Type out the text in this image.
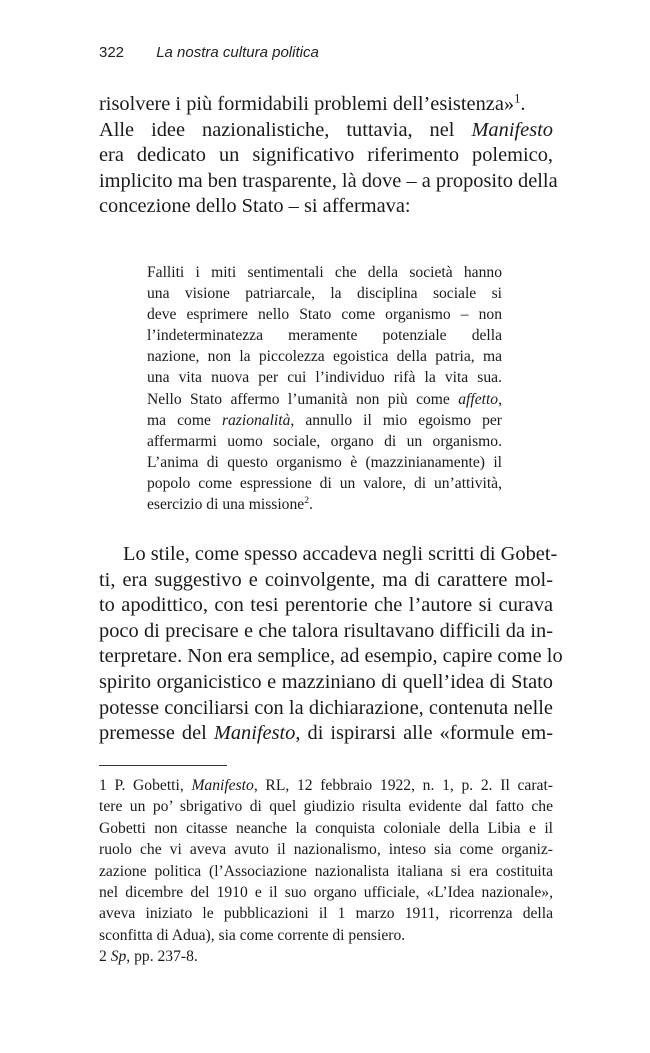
322 La nostra cultura politica
risolvere i più formidabili problemi dell’esistenza»$^1$.
Alle idee nazionalistiche, tuttavia, nel Manifesto
era dedicato un significativo riferimento polemico,
implicito ma ben trasparente, là dove – a proposito della
concezione dello Stato – si affermava:
Falliti i miti sentimentali che della società hanno
una visione patriarcale, la disciplina sociale si
deve esprimere nello Stato come organismo – non
l’indeterminatezza meramente potenziale della
nazione, non la piccolezza egoistica della patria, ma
una vita nuova per cui l’individuo rifà la vita sua.
Nello Stato affermo l’umanità non più come affetto,
ma come razionalità, annullo il mio egoismo per
affermarmi uomo sociale, organo di un organismo.
L’anima di questo organismo è (mazzinianamente) il
popolo come espressione di un valore, di un’attività,
esercizio di una missione$^2$.
Lo stile, come spesso accadeva negli scritti di Gobet-
ti, era suggestivo e coinvolgente, ma di carattere mol-
to apodittico, con tesi perentorie che l’autore si curava
poco di precisare e che talora risultavano difficili da in-
terpretare. Non era semplice, ad esempio, capire come lo
spirito organicistico e mazziniano di quell’idea di Stato
potesse conciliarsi con la dichiarazione, contenuta nelle
premesse del Manifesto, di ispirarsi alle «formule em-
1 P. Gobetti, Manifesto, RL, 12 febbraio 1922, n. 1, p. 2. Il carat-
tere un po’ sbrigativo di quel giudizio risulta evidente dal fatto che
Gobetti non citasse neanche la conquista coloniale della Libia e il
ruolo che vi aveva avuto il nazionalismo, inteso sia come organiz-
zazione politica (l’Associazione nazionalista italiana si era costituita
nel dicembre del 1910 e il suo organo ufficiale, «L’Idea nazionale»,
aveva iniziato le pubblicazioni il 1 marzo 1911, ricorrenza della
sconfitta di Adua), sia come corrente di pensiero.
2 Sp, pp. 237-8.
